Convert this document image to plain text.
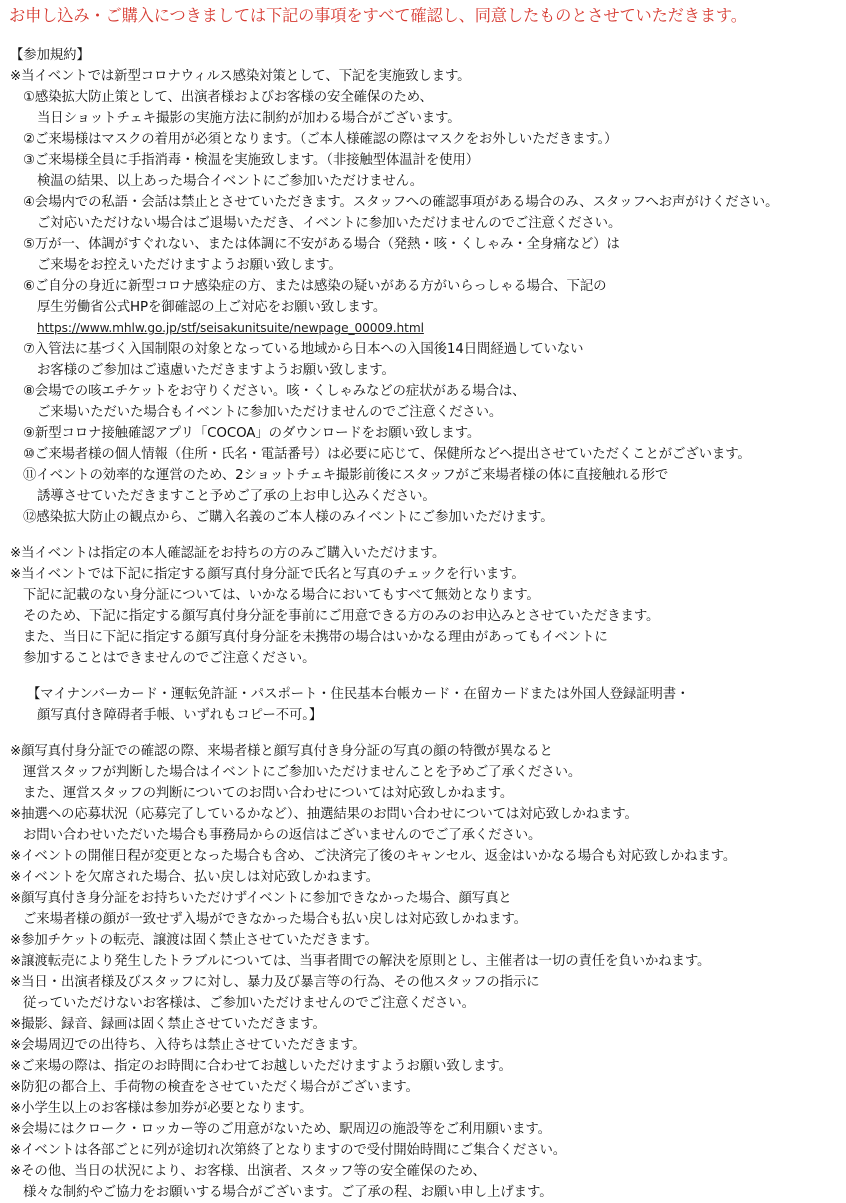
お申し込み・ご購入につきましては下記の事項をすべて確認し、同意したものとさせていただきます。
【参加規約】
※当イベントでは新型コロナウィルス感染対策として、下記を実施致します。
①感染拡大防止策として、出演者様およびお客様の安全確保のため、
当日ショットチェキ撮影の実施方法に制約が加わる場合がございます。
②ご来場様はマスクの着用が必須となります。（ご本人様確認の際はマスクをお外しいただきます。）
③ご来場様全員に手指消毒・検温を実施致します。（非接触型体温計を使用）
検温の結果、以上あった場合イベントにご参加いただけません。
④会場内での私語・会話は禁止とさせていただきます。スタッフへの確認事項がある場合のみ、スタッフへお声がけください。
ご対応いただけない場合はご退場いただき、イベントに参加いただけませんのでご注意ください。
⑤万が一、体調がすぐれない、または体調に不安がある場合（発熱・咳・くしゃみ・全身痛など）は
ご来場をお控えいただけますようお願い致します。
⑥ご自分の身近に新型コロナ感染症の方、または感染の疑いがある方がいらっしゃる場合、下記の
厚生労働省公式HPを御確認の上ご対応をお願い致します。
https://www.mhlw.go.jp/stf/seisakunitsuite/newpage_00009.html
⑦入管法に基づく入国制限の対象となっている地域から日本への入国後14日間経過していない
お客様のご参加はご遠慮いただきますようお願い致します。
⑧会場での咳エチケットをお守りください。咳・くしゃみなどの症状がある場合は、
ご来場いただいた場合もイベントに参加いただけませんのでご注意ください。
⑨新型コロナ接触確認アプリ「COCOA」のダウンロードをお願い致します。
⑩ご来場者様の個人情報（住所・氏名・電話番号）は必要に応じて、保健所などへ提出させていただくことがございます。
⑪イベントの効率的な運営のため、2ショットチェキ撮影前後にスタッフがご来場者様の体に直接触れる形で
誘導させていただきますこと予めご了承の上お申し込みください。
⑫感染拡大防止の観点から、ご購入名義のご本人様のみイベントにご参加いただけます。
※当イベントは指定の本人確認証をお持ちの方のみご購入いただけます。
※当イベントでは下記に指定する顔写真付身分証で氏名と写真のチェックを行います。
下記に記載のない身分証については、いかなる場合においてもすべて無効となります。
そのため、下記に指定する顔写真付身分証を事前にご用意できる方のみのお申込みとさせていただきます。
また、当日に下記に指定する顔写真付身分証を未携帯の場合はいかなる理由があってもイベントに
参加することはできませんのでご注意ください。
【マイナンバーカード・運転免許証・パスポート・住民基本台帳カード・在留カードまたは外国人登録証明書・
顔写真付き障碍者手帳、いずれもコピー不可。】
※顔写真付身分証での確認の際、来場者様と顔写真付き身分証の写真の顔の特徴が異なると
運営スタッフが判断した場合はイベントにご参加いただけませんことを予めご了承ください。
また、運営スタッフの判断についてのお問い合わせについては対応致しかねます。
※抽選への応募状況（応募完了しているかなど）、抽選結果のお問い合わせについては対応致しかねます。
お問い合わせいただいた場合も事務局からの返信はございませんのでご了承ください。
※イベントの開催日程が変更となった場合も含め、ご決済完了後のキャンセル、返金はいかなる場合も対応致しかねます。
※イベントを欠席された場合、払い戻しは対応致しかねます。
※顔写真付き身分証をお持ちいただけずイベントに参加できなかった場合、顔写真と
ご来場者様の顔が一致せず入場ができなかった場合も払い戻しは対応致しかねます。
※参加チケットの転売、譲渡は固く禁止させていただきます。
※譲渡転売により発生したトラブルについては、当事者間での解決を原則とし、主催者は一切の責任を負いかねます。
※当日・出演者様及びスタッフに対し、暴力及び暴言等の行為、その他スタッフの指示に
従っていただけないお客様は、ご参加いただけませんのでご注意ください。
※撮影、録音、録画は固く禁止させていただきます。
※会場周辺での出待ち、入待ちは禁止させていただきます。
※ご来場の際は、指定のお時間に合わせてお越しいただけますようお願い致します。
※防犯の都合上、手荷物の検査をさせていただく場合がございます。
※小学生以上のお客様は参加券が必要となります。
※会場にはクローク・ロッカー等のご用意がないため、駅周辺の施設等をご利用願います。
※イベントは各部ごとに列が途切れ次第終了となりますので受付開始時間にご集合ください。
※その他、当日の状況により、お客様、出演者、スタッフ等の安全確保のため、
様々な制約やご協力をお願いする場合がございます。ご了承の程、お願い申し上げます。
